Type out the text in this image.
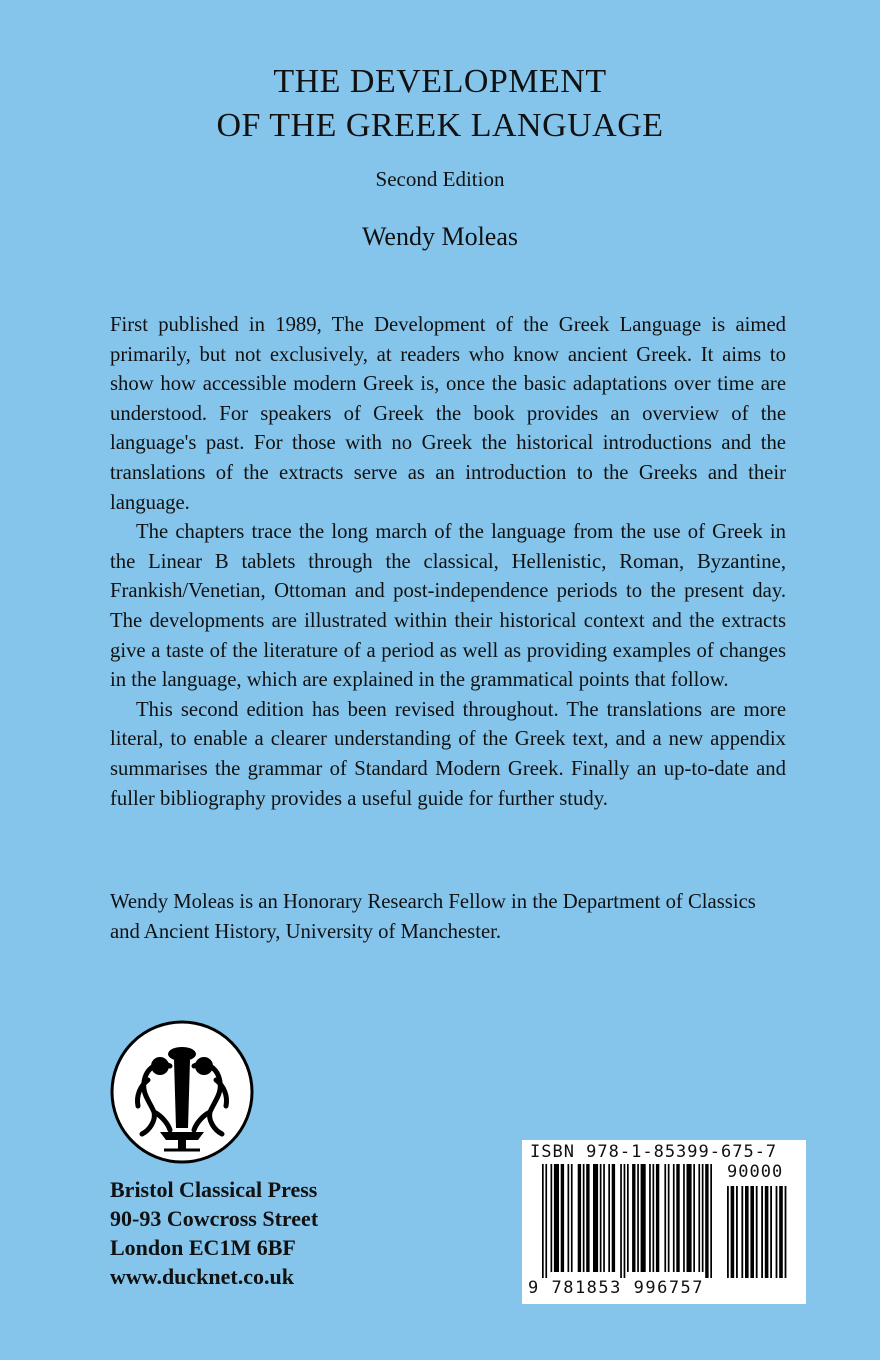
THE DEVELOPMENT
OF THE GREEK LANGUAGE
Second Edition
Wendy Moleas

First published in 1989, The Development of the Greek Language is aimed primarily, but not exclusively, at readers who know ancient Greek. It aims to show how accessible modern Greek is, once the basic adaptations over time are understood. For speakers of Greek the book provides an overview of the language's past. For those with no Greek the historical introductions and the translations of the extracts serve as an introduction to the Greeks and their language.

The chapters trace the long march of the language from the use of Greek in the Linear B tablets through the classical, Hellenistic, Roman, Byzantine, Frankish/Venetian, Ottoman and post-independence periods to the present day. The developments are illustrated within their historical context and the extracts give a taste of the literature of a period as well as providing examples of changes in the language, which are explained in the grammatical points that follow.

This second edition has been revised throughout. The translations are more literal, to enable a clearer understanding of the Greek text, and a new appendix summarises the grammar of Standard Modern Greek. Finally an up-to-date and fuller bibliography provides a useful guide for further study.

Wendy Moleas is an Honorary Research Fellow in the Department of Classics and Ancient History, University of Manchester.
Bristol Classical Press
90-93 Cowcross Street
London EC1M 6BF
www.ducknet.co.uk
ISBN 978-1-85399-675-7
90000
9 781853 996757
